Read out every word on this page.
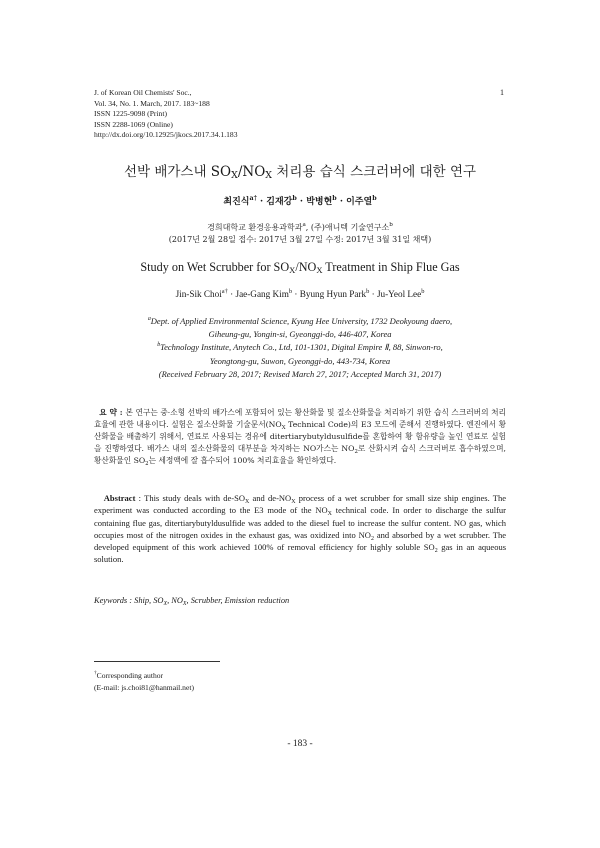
J. of Korean Oil Chemists' Soc.,
Vol. 34, No. 1. March, 2017. 183~188
ISSN 1225-9098 (Print)
ISSN 2288-1069 (Online)
http://dx.doi.org/10.12925/jkocs.2017.34.1.183
1
선박 배가스내 $SO_X/NO_X$ 처리용 습식 스크러버에 대한 연구
최진식$^{a\dagger}$ · 김재강$^b$ · 박병현$^b$ · 이주열$^b$
경희대학교 환경응용과학과$^a$, (주)애니텍 기술연구소$^b$
(2017년 2월 28일 접수: 2017년 3월 27일 수정: 2017년 3월 31일 채택)
Study on Wet Scrubber for $SO_X/NO_X$ Treatment in Ship Flue Gas
Jin-Sik Choi$^{a\dagger}$ · Jae-Gang Kim$^b$ · Byung Hyun Park$^b$ · Ju-Yeol Lee$^b$
$^a$Dept. of Applied Environmental Science, Kyung Hee University, 1732 Deokyoung daero,
Giheung-gu, Yongin-si, Gyeonggi-do, 446-407, Korea
$^b$Technology Institute, Anytech Co., Ltd, 101-1301, Digital Empire Ⅱ, 88, Sinwon-ro,
Yeongtong-gu, Suwon, Gyeonggi-do, 443-734, Korea
(Received February 28, 2017; Revised March 27, 2017; Accepted March 31, 2017)
요 약 : 본 연구는 중·소형 선박의 배가스에 포함되어 있는 황산화물 및 질소산화물을 처리하기 위한 습식 스크러버의 처리효율에 관한 내용이다. 실험은 질소산화물 기술문서($NO_X$ Technical Code)의 E3 모드에 준해서 진행하였다. 엔진에서 황산화물을 배출하기 위해서, 연료로 사용되는 경유에 ditertiarybutyldusulfide를 혼합하여 황 함유량을 높인 연료로 실험을 진행하였다. 배가스 내의 질소산화물의 대부분을 차지하는 NO가스는 $NO_2$로 산화시켜 습식 스크러버로 흡수하였으며, 황산화물인 $SO_2$는 세정액에 잘 흡수되어 100% 처리효율을 확인하였다.
Abstract : This study deals with $de-SO_X$ and $de-NO_X$ process of a wet scrubber for small size ship engines. The experiment was conducted according to the E3 mode of the $NO_X$ technical code. In order to discharge the sulfur containing flue gas, ditertiarybutyldusulfide was added to the diesel fuel to increase the sulfur content. NO gas, which occupies most of the nitrogen oxides in the exhaust gas, was oxidized into $NO_2$ and absorbed by a wet scrubber. The developed equipment of this work achieved 100% of removal efficiency for highly soluble $SO_2$ gas in an aqueous solution.
Keywords : Ship, $SO_X$, $NO_X$, Scrubber, Emission reduction
†Corresponding author
(E-mail: js.choi81@hanmail.net)
- 183 -
